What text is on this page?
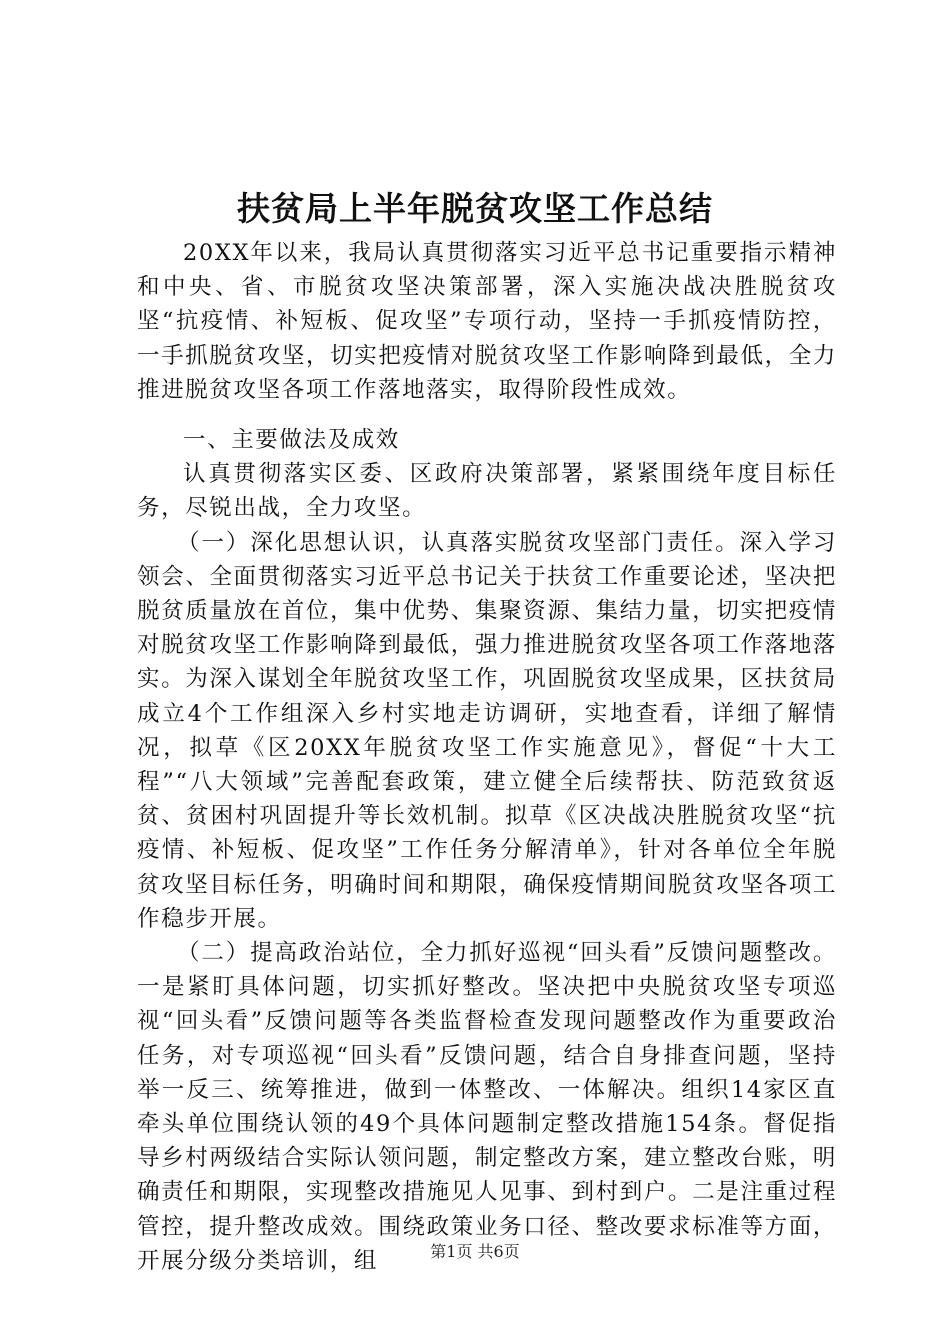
扶贫局上半年脱贫攻坚工作总结

20XX年以来，我局认真贯彻落实习近平总书记重要指示精神和中央、省、市脱贫攻坚决策部署，深入实施决战决胜脱贫攻坚“抗疫情、补短板、促攻坚”专项行动，坚持一手抓疫情防控，一手抓脱贫攻坚，切实把疫情对脱贫攻坚工作影响降到最低，全力推进脱贫攻坚各项工作落地落实，取得阶段性成效。

一、主要做法及成效

认真贯彻落实区委、区政府决策部署，紧紧围绕年度目标任务，尽锐出战，全力攻坚。

（一）深化思想认识，认真落实脱贫攻坚部门责任。深入学习领会、全面贯彻落实习近平总书记关于扶贫工作重要论述，坚决把脱贫质量放在首位，集中优势、集聚资源、集结力量，切实把疫情对脱贫攻坚工作影响降到最低，强力推进脱贫攻坚各项工作落地落实。为深入谋划全年脱贫攻坚工作，巩固脱贫攻坚成果，区扶贫局成立4个工作组深入乡村实地走访调研，实地查看，详细了解情况，拟草《区20XX年脱贫攻坚工作实施意见》，督促“十大工程”“八大领域”完善配套政策，建立健全后续帮扶、防范致贫返贫、贫困村巩固提升等长效机制。拟草《区决战决胜脱贫攻坚“抗疫情、补短板、促攻坚”工作任务分解清单》，针对各单位全年脱贫攻坚目标任务，明确时间和期限，确保疫情期间脱贫攻坚各项工作稳步开展。

（二）提高政治站位，全力抓好巡视“回头看”反馈问题整改。一是紧盯具体问题，切实抓好整改。坚决把中央脱贫攻坚专项巡视“回头看”反馈问题等各类监督检查发现问题整改作为重要政治任务，对专项巡视“回头看”反馈问题，结合自身排查问题，坚持举一反三、统筹推进，做到一体整改、一体解决。组织14家区直牵头单位围绕认领的49个具体问题制定整改措施154条。督促指导乡村两级结合实际认领问题，制定整改方案，建立整改台账，明确责任和期限，实现整改措施见人见事、到村到户。二是注重过程管控，提升整改成效。围绕政策业务口径、整改要求标准等方面，开展分级分类培训，组	第1页 共6页
